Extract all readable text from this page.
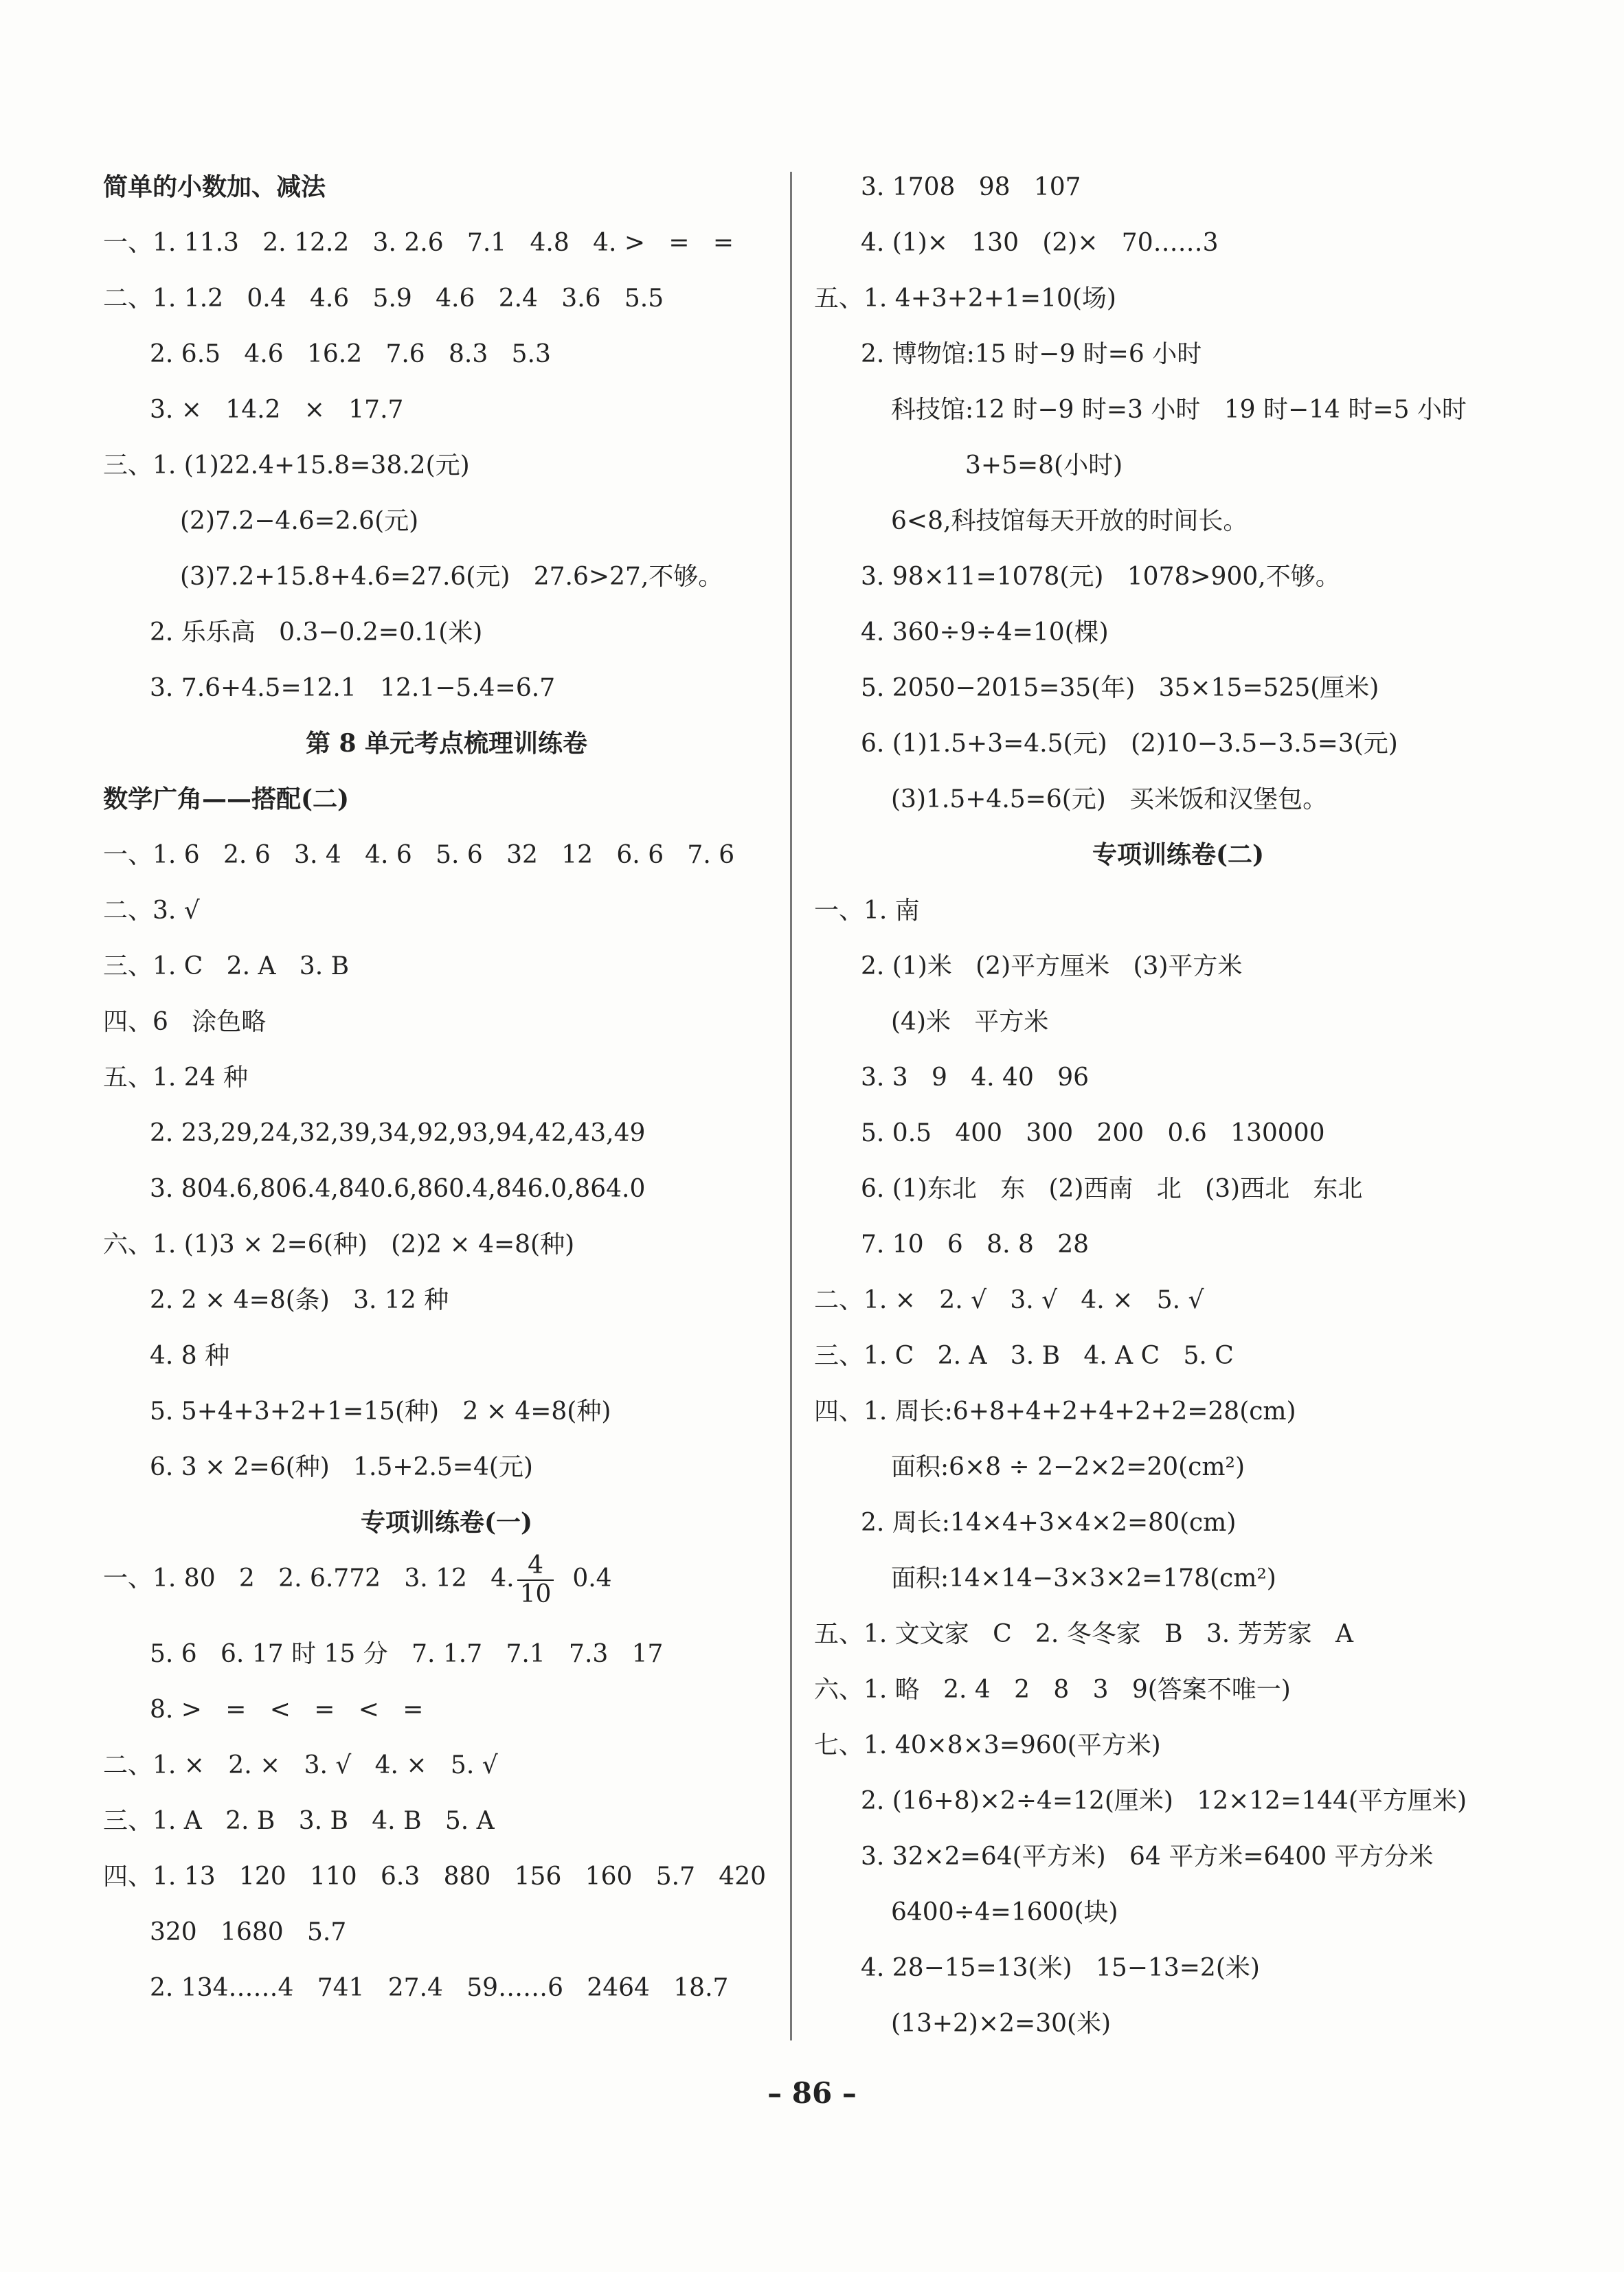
简单的小数加、减法
一、1. 11.3   2. 12.2   3. 2.6   7.1   4.8   4. >   =   =
二、1. 1.2   0.4   4.6   5.9   4.6   2.4   3.6   5.5
2. 6.5   4.6   16.2   7.6   8.3   5.3
3. ×   14.2   ×   17.7
三、1. (1)22.4+15.8=38.2(元)
(2)7.2−4.6=2.6(元)
(3)7.2+15.8+4.6=27.6(元)   27.6>27,不够。
2. 乐乐高   0.3−0.2=0.1(米)
3. 7.6+4.5=12.1   12.1−5.4=6.7
第 8 单元考点梳理训练卷
数学广角——搭配(二)
一、1. 6   2. 6   3. 4   4. 6   5. 6   32   12   6. 6   7. 6
二、3. √
三、1. C   2. A   3. B
四、6   涂色略
五、1. 24 种
2. 23,29,24,32,39,34,92,93,94,42,43,49
3. 804.6,806.4,840.6,860.4,846.0,864.0
六、1. (1)3 × 2=6(种)   (2)2 × 4=8(种)
2. 2 × 4=8(条)   3. 12 种
4. 8 种
5. 5+4+3+2+1=15(种)   2 × 4=8(种)
6. 3 × 2=6(种)   1.5+2.5=4(元)
专项训练卷(一)
一、1. 80   2   2. 6.772   3. 12   4. $\frac{4}{10} 0.4$
5. 6   6. 17 时 15 分   7. 1.7   7.1   7.3   17
8. >   =   <   =   <   =
二、1. ×   2. ×   3. √   4. ×   5. √
三、1. A   2. B   3. B   4. B   5. A
四、1. 13   120   110   6.3   880   156   160   5.7   420
320   1680   5.7
2. 134……4   741   27.4   59……6   2464   18.7
3. 1708   98   107
4. (1)×   130   (2)×   70……3
五、1. 4+3+2+1=10(场)
2. 博物馆:15 时−9 时=6 小时
科技馆:12 时−9 时=3 小时   19 时−14 时=5 小时
3+5=8(小时)
6<8,科技馆每天开放的时间长。
3. 98×11=1078(元)   1078>900,不够。
4. 360÷9÷4=10(棵)
5. 2050−2015=35(年)   35×15=525(厘米)
6. (1)1.5+3=4.5(元)   (2)10−3.5−3.5=3(元)
(3)1.5+4.5=6(元)   买米饭和汉堡包。
专项训练卷(二)
一、1. 南
2. (1)米   (2)平方厘米   (3)平方米
(4)米   平方米
3. 3   9   4. 40   96
5. 0.5   400   300   200   0.6   130000
6. (1)东北   东   (2)西南   北   (3)西北   东北
7. 10   6   8. 8   28
二、1. ×   2. √   3. √   4. ×   5. √
三、1. C   2. A   3. B   4. A C   5. C
四、1. 周长:6+8+4+2+4+2+2=28(cm)
面积:6×8 ÷ 2−2×2=20(cm²)
2. 周长:14×4+3×4×2=80(cm)
面积:14×14−3×3×2=178(cm²)
五、1. 文文家   C   2. 冬冬家   B   3. 芳芳家   A
六、1. 略   2. 4   2   8   3   9(答案不唯一)
七、1. 40×8×3=960(平方米)
2. (16+8)×2÷4=12(厘米)   12×12=144(平方厘米)
3. 32×2=64(平方米)   64 平方米=6400 平方分米
6400÷4=1600(块)
4. 28−15=13(米)   15−13=2(米)
(13+2)×2=30(米)
– 86 –
